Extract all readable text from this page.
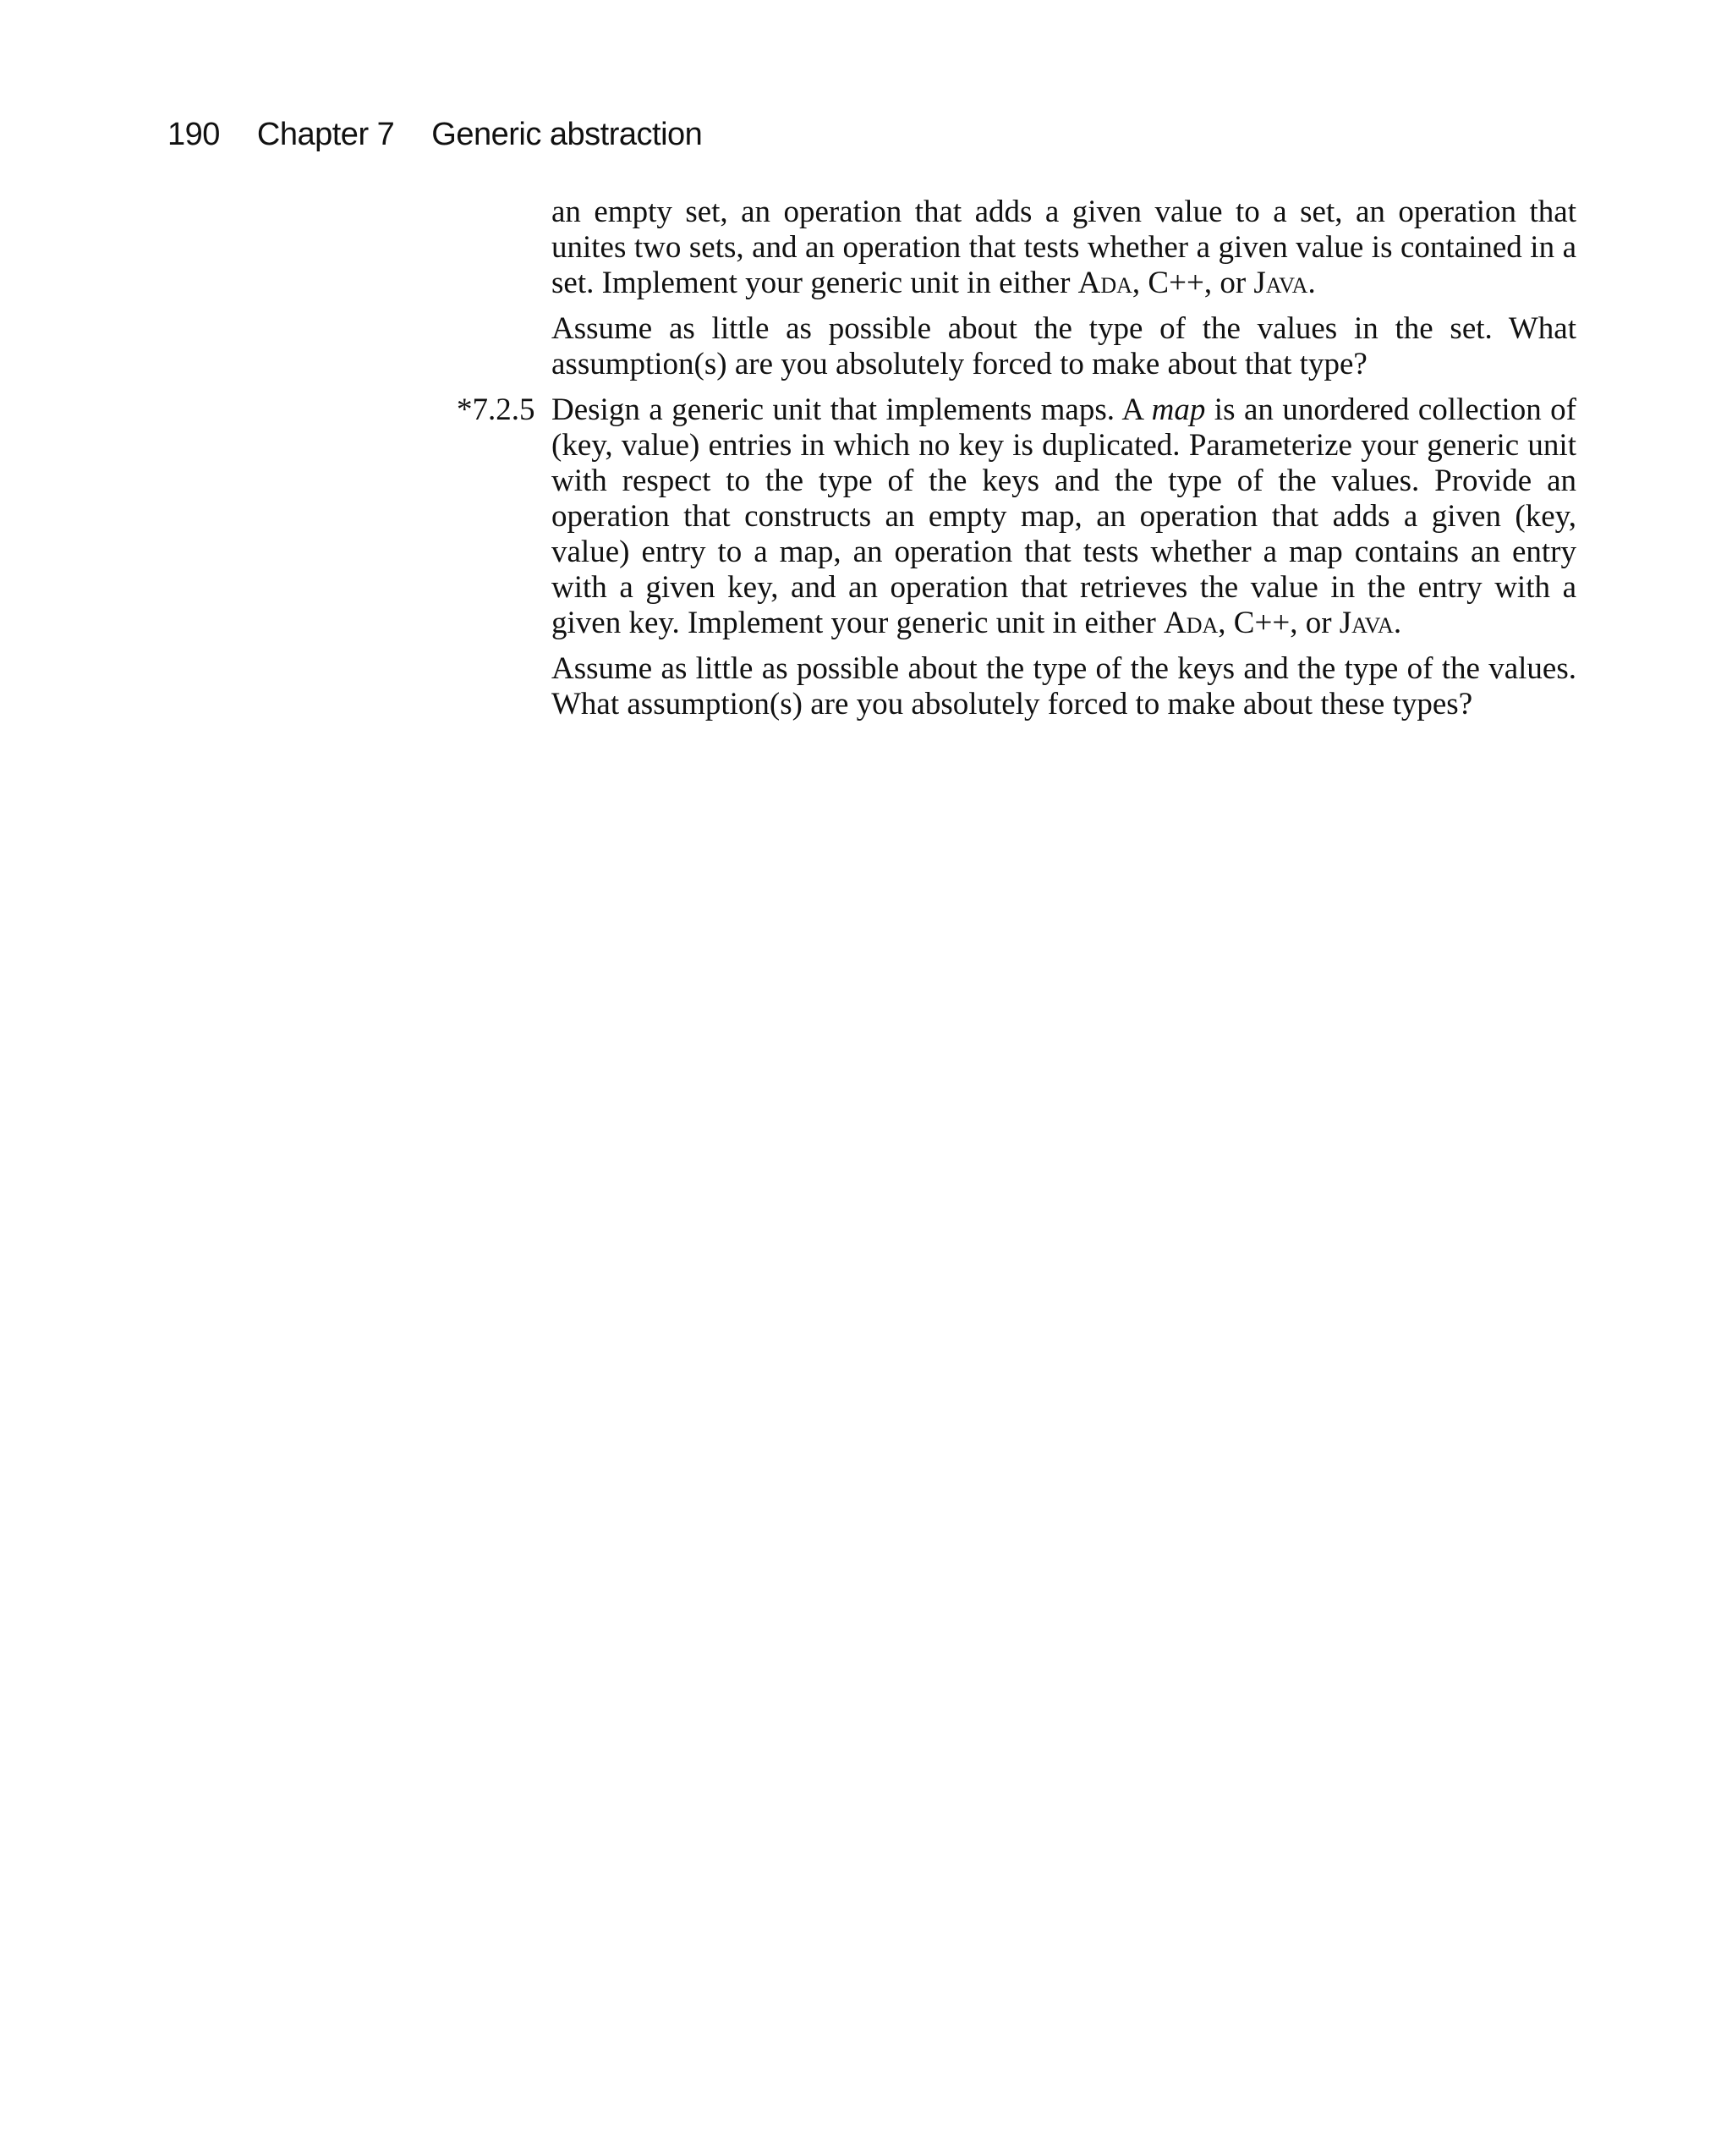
190 Chapter 7 Generic abstraction

an empty set, an operation that adds a given value to a set, an operation that unites two sets, and an operation that tests whether a given value is contained in a set. Implement your generic unit in either Ada, C++, or Java.

Assume as little as possible about the type of the values in the set. What assumption(s) are you absolutely forced to make about that type?

*7.2.5 Design a generic unit that implements maps. A map is an unordered collection of (key, value) entries in which no key is duplicated. Parameterize your generic unit with respect to the type of the keys and the type of the values. Provide an operation that constructs an empty map, an operation that adds a given (key, value) entry to a map, an operation that tests whether a map contains an entry with a given key, and an operation that retrieves the value in the entry with a given key. Implement your generic unit in either Ada, C++, or Java.

Assume as little as possible about the type of the keys and the type of the values. What assumption(s) are you absolutely forced to make about these types?
